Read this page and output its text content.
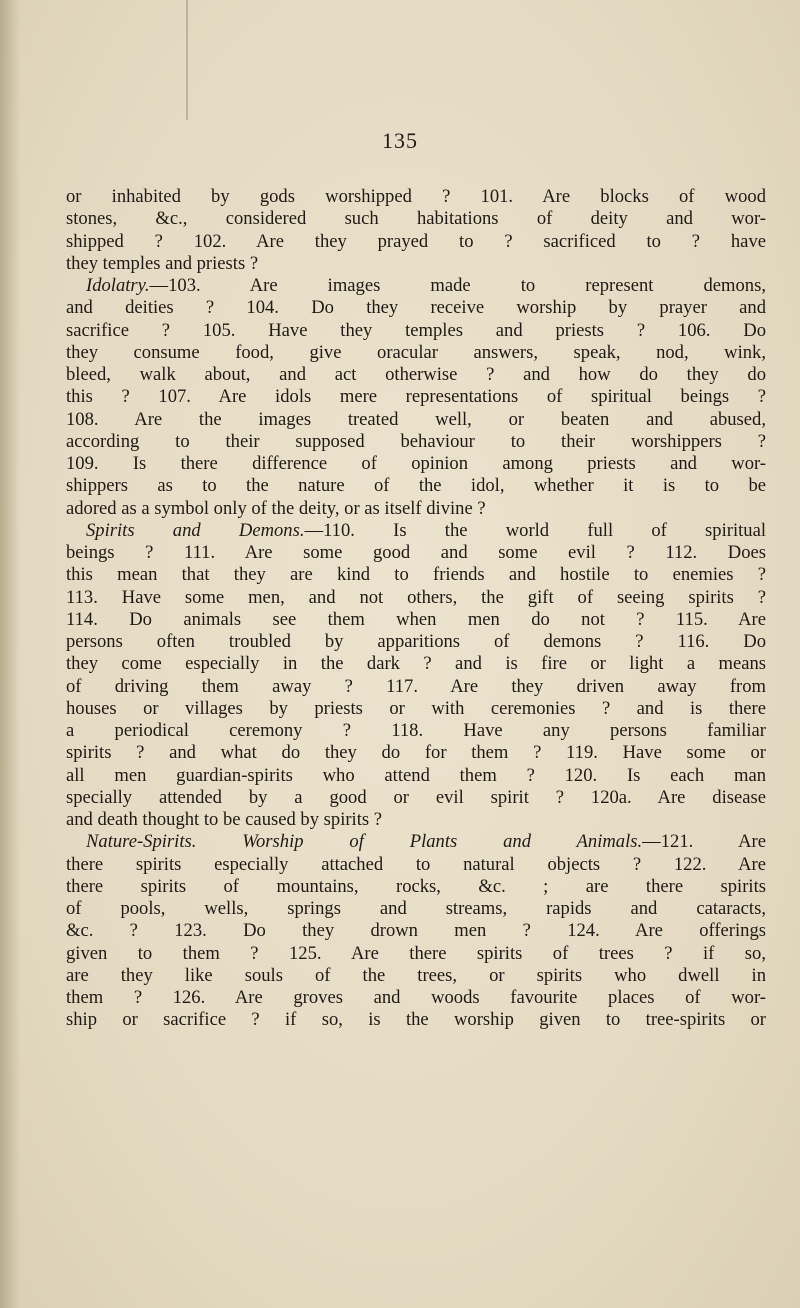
135
or inhabited by gods worshipped ? 101. Are blocks of wood
stones, &c., considered such habitations of deity and wor-
shipped ? 102. Are they prayed to ? sacrificed to ? have
they temples and priests ?
Idolatry.—103. Are images made to represent demons,
and deities ? 104. Do they receive worship by prayer and
sacrifice ? 105. Have they temples and priests ? 106. Do
they consume food, give oracular answers, speak, nod, wink,
bleed, walk about, and act otherwise ? and how do they do
this ? 107. Are idols mere representations of spiritual beings ?
108. Are the images treated well, or beaten and abused,
according to their supposed behaviour to their worshippers ?
109. Is there difference of opinion among priests and wor-
shippers as to the nature of the idol, whether it is to be
adored as a symbol only of the deity, or as itself divine ?
Spirits and Demons.—110. Is the world full of spiritual
beings ? 111. Are some good and some evil ? 112. Does
this mean that they are kind to friends and hostile to enemies ?
113. Have some men, and not others, the gift of seeing spirits ?
114. Do animals see them when men do not ? 115. Are
persons often troubled by apparitions of demons ? 116. Do
they come especially in the dark ? and is fire or light a means
of driving them away ? 117. Are they driven away from
houses or villages by priests or with ceremonies ? and is there
a periodical ceremony ? 118. Have any persons familiar
spirits ? and what do they do for them ? 119. Have some or
all men guardian-spirits who attend them ? 120. Is each man
specially attended by a good or evil spirit ? 120a. Are disease
and death thought to be caused by spirits ?
Nature-Spirits. Worship of Plants and Animals.—121. Are
there spirits especially attached to natural objects ? 122. Are
there spirits of mountains, rocks, &c. ; are there spirits
of pools, wells, springs and streams, rapids and cataracts,
&c. ? 123. Do they drown men ? 124. Are offerings
given to them ? 125. Are there spirits of trees ? if so,
are they like souls of the trees, or spirits who dwell in
them ? 126. Are groves and woods favourite places of wor-
ship or sacrifice ? if so, is the worship given to tree-spirits or
